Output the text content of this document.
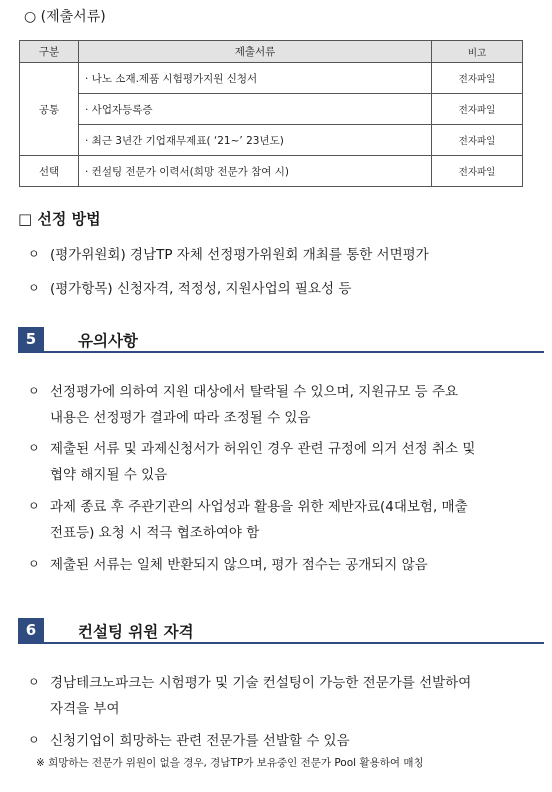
○ (제출서류)
구분	제출서류	비고
공통	· 나노 소재.제품 시험평가지원 신청서	전자파일
	· 사업자등록증	전자파일
	· 최근 3년간 기업재무제표( ‘21~’ 23년도)	전자파일
선택	· 컨설팅 전문가 이력서(희망 전문가 참여 시)	전자파일
□ 선정 방법
ㅇ (평가위원회) 경남TP 자체 선정평가위원회 개최를 통한 서면평가
ㅇ (평가항목) 신청자격, 적정성, 지원사업의 필요성 등
5	유의사항
ㅇ 선정평가에 의하여 지원 대상에서 탈락될 수 있으며, 지원규모 등 주요
내용은 선정평가 결과에 따라 조정될 수 있음
ㅇ 제출된 서류 및 과제신청서가 허위인 경우 관련 규정에 의거 선정 취소 및
협약 해지될 수 있음
ㅇ 과제 종료 후 주관기관의 사업성과 활용을 위한 제반자료(4대보험, 매출
전표등) 요청 시 적극 협조하여야 함
ㅇ 제출된 서류는 일체 반환되지 않으며, 평가 점수는 공개되지 않음
6	컨설팅 위원 자격
ㅇ 경남테크노파크는 시험평가 및 기술 컨설팅이 가능한 전문가를 선발하여
자격을 부여
ㅇ 신청기업이 희망하는 관련 전문가를 선발할 수 있음
※ 희망하는 전문가 위원이 없을 경우, 경남TP가 보유중인 전문가 Pool 활용하여 매칭
